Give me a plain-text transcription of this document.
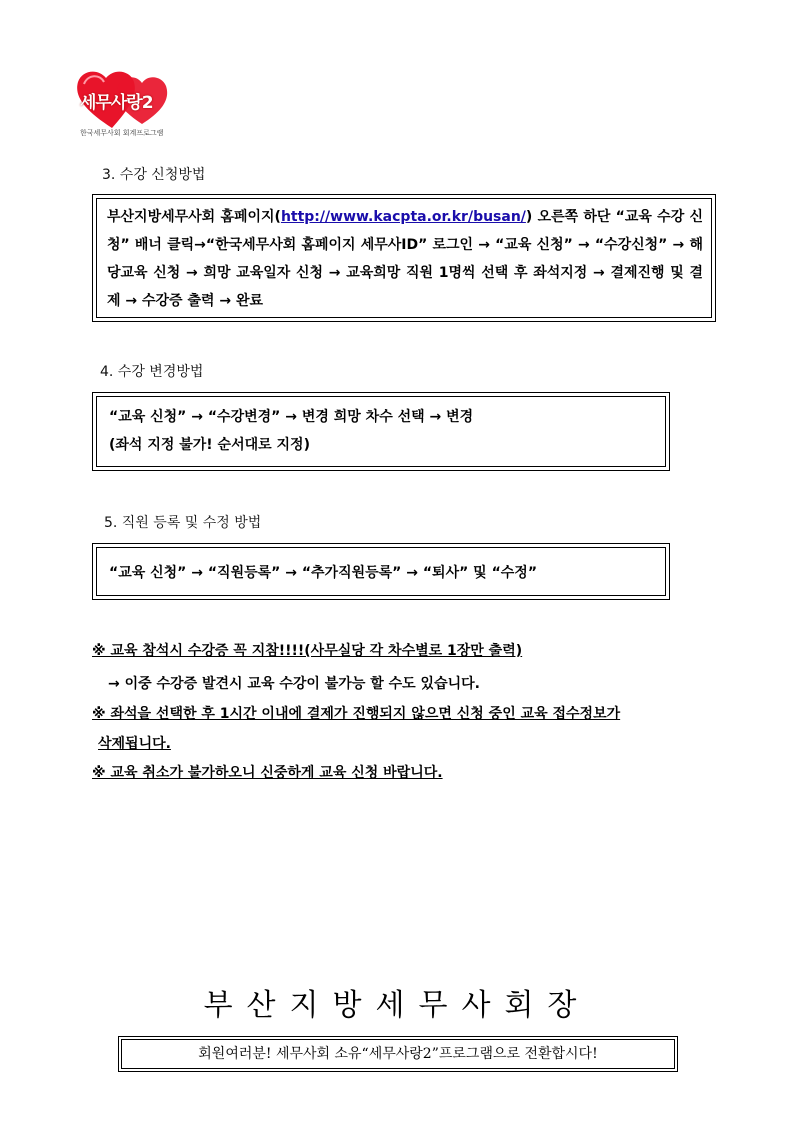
세무사랑2
한국세무사회 회계프로그램
3. 수강 신청방법
부산지방세무사회 홈페이지(http://www.kacpta.or.kr/busan/) 오른쪽 하단 “교육 수강 신청” 배너 클릭→“한국세무사회 홈페이지 세무사ID” 로그인 → “교육 신청” → “수강신청” → 해당교육 신청 → 희망 교육일자 신청 → 교육희망 직원 1명씩 선택 후 좌석지정 → 결제진행 및 결제 → 수강증 출력 → 완료
4. 수강 변경방법
“교육 신청” → “수강변경” → 변경 희망 차수 선택 → 변경
(좌석 지정 불가! 순서대로 지정)
5. 직원 등록 및 수정 방법
“교육 신청” → “직원등록” → “추가직원등록” → “퇴사” 및 “수정”
※ 교육 참석시 수강증 꼭 지참!!!!(사무실당 각 차수별로 1장만 출력)
→ 이중 수강증 발견시 교육 수강이 불가능 할 수도 있습니다.
※ 좌석을 선택한 후 1시간 이내에 결제가 진행되지 않으면 신청 중인 교육 접수정보가
삭제됩니다.
※ 교육 취소가 불가하오니 신중하게 교육 신청 바랍니다.
부산지방세무사회장
회원여러분! 세무사회 소유“세무사랑2”프로그램으로 전환합시다!
